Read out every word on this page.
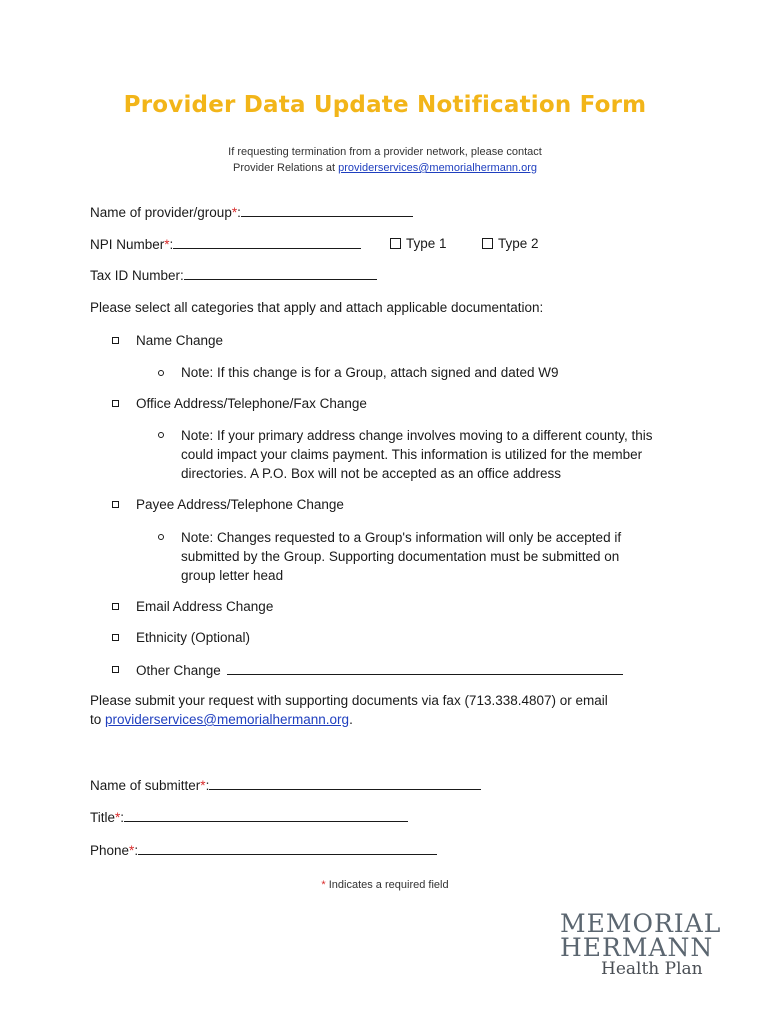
Provider Data Update Notification Form
If requesting termination from a provider network, please contact
Provider Relations at providerservices@memorialhermann.org
Name of provider/group*:
NPI Number*:	Type 1	Type 2
Tax ID Number:
Please select all categories that apply and attach applicable documentation:
Name Change
Note: If this change is for a Group, attach signed and dated W9
Office Address/Telephone/Fax Change
Note: If your primary address change involves moving to a different county, this could impact your claims payment. This information is utilized for the member directories. A P.O. Box will not be accepted as an office address
Payee Address/Telephone Change
Note: Changes requested to a Group's information will only be accepted if submitted by the Group. Supporting documentation must be submitted on group letter head
Email Address Change
Ethnicity (Optional)
Other Change
Please submit your request with supporting documents via fax (713.338.4807) or email
to providerservices@memorialhermann.org.
Name of submitter*:
Title*:
Phone*:
* Indicates a required field
MEMORIAL
HERMANN
Health Plan
